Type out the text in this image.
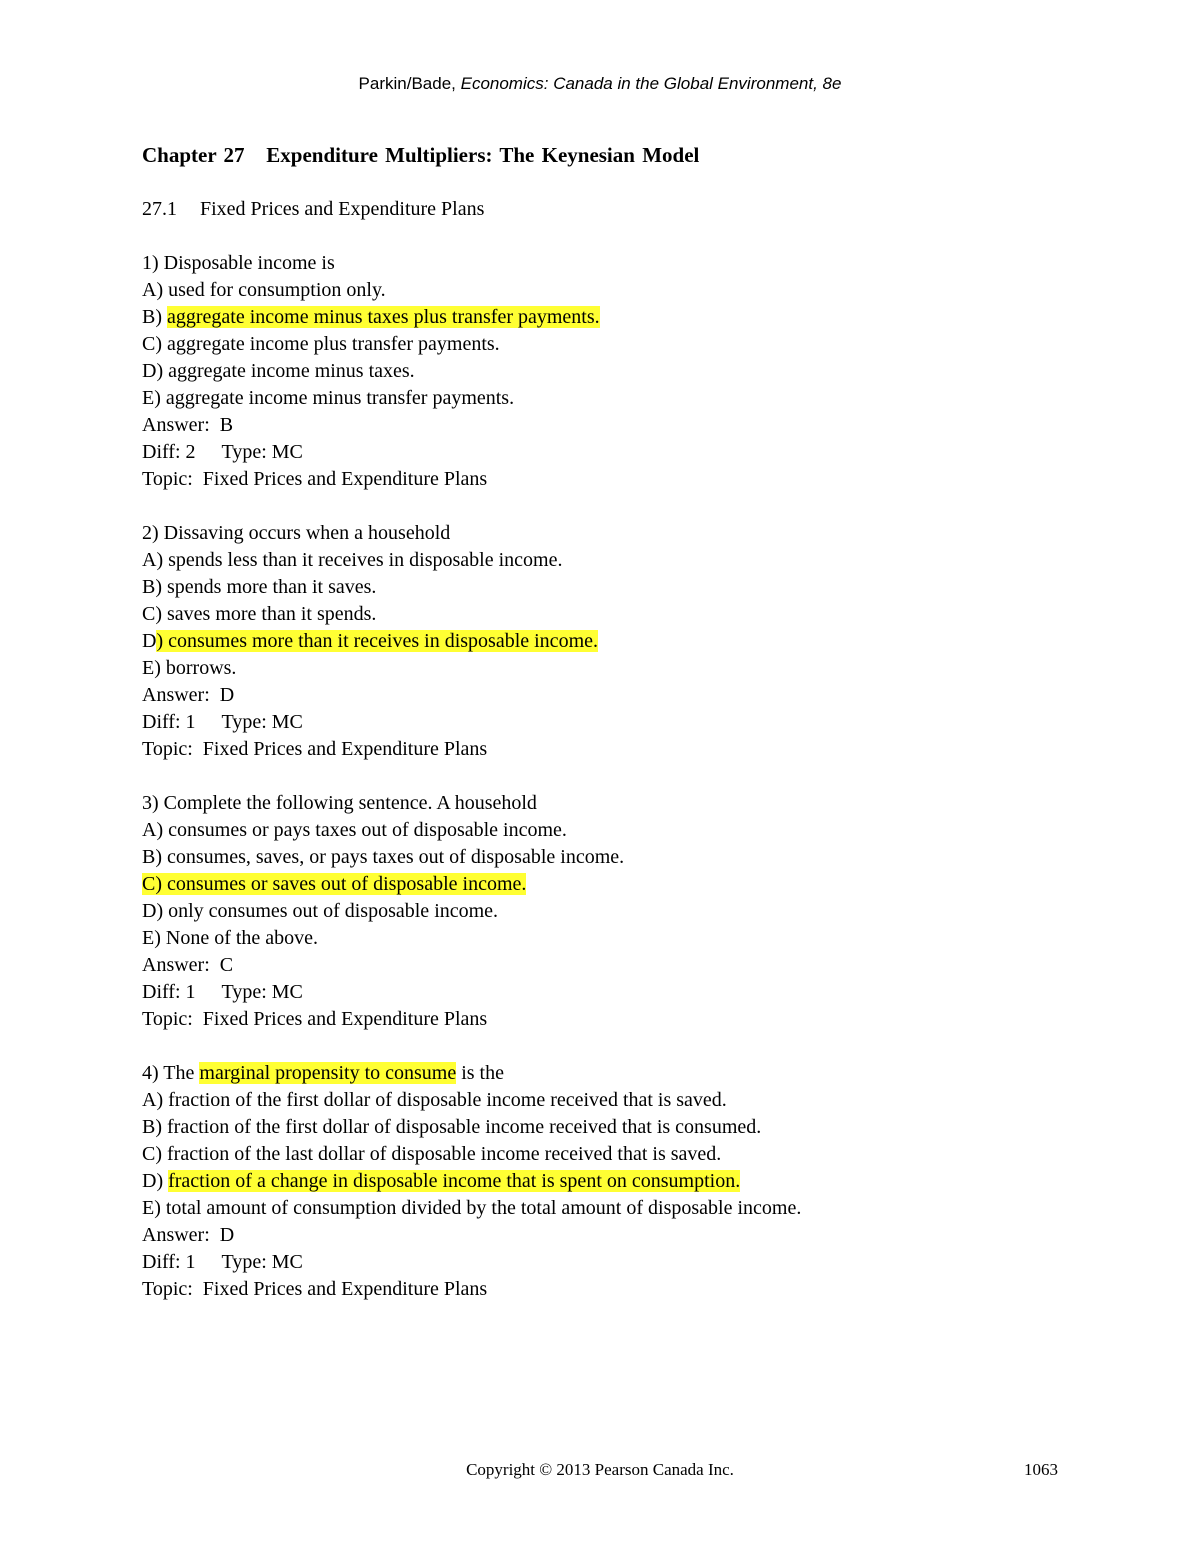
Parkin/Bade, Economics: Canada in the Global Environment, 8e
Chapter 27   Expenditure Multipliers: The Keynesian Model
27.1 Fixed Prices and Expenditure Plans
1) Disposable income is
A) used for consumption only.
B) aggregate income minus taxes plus transfer payments.
C) aggregate income plus transfer payments.
D) aggregate income minus taxes.
E) aggregate income minus transfer payments.
Answer:  B
Diff: 2 Type: MC
Topic:  Fixed Prices and Expenditure Plans
2) Dissaving occurs when a household
A) spends less than it receives in disposable income.
B) spends more than it saves.
C) saves more than it spends.
D) consumes more than it receives in disposable income.
E) borrows.
Answer:  D
Diff: 1 Type: MC
Topic:  Fixed Prices and Expenditure Plans
3) Complete the following sentence. A household
A) consumes or pays taxes out of disposable income.
B) consumes, saves, or pays taxes out of disposable income.
C) consumes or saves out of disposable income.
D) only consumes out of disposable income.
E) None of the above.
Answer:  C
Diff: 1 Type: MC
Topic:  Fixed Prices and Expenditure Plans
4) The marginal propensity to consume is the
A) fraction of the first dollar of disposable income received that is saved.
B) fraction of the first dollar of disposable income received that is consumed.
C) fraction of the last dollar of disposable income received that is saved.
D) fraction of a change in disposable income that is spent on consumption.
E) total amount of consumption divided by the total amount of disposable income.
Answer:  D
Diff: 1 Type: MC
Topic:  Fixed Prices and Expenditure Plans
Copyright © 2013 Pearson Canada Inc.	1063
